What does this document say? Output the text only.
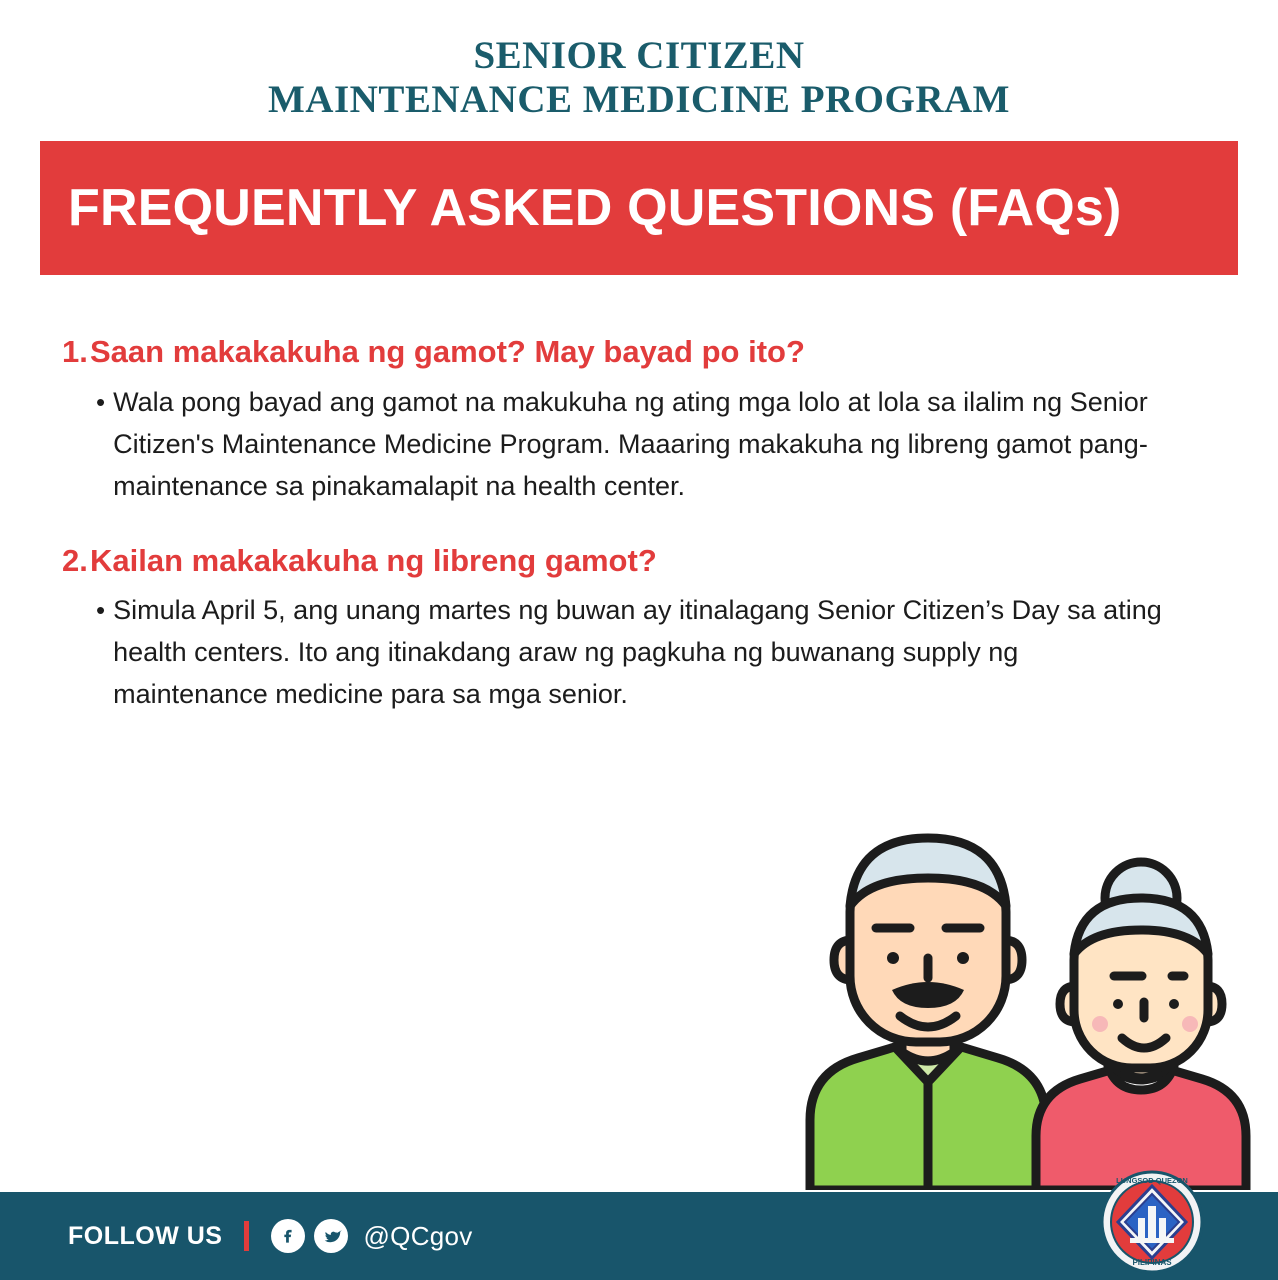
SENIOR CITIZEN
MAINTENANCE MEDICINE PROGRAM
FREQUENTLY ASKED QUESTIONS (FAQs)
1. Saan makakakuha ng gamot? May bayad po ito?
• Wala pong bayad ang gamot na makukuha ng ating mga lolo at lola sa ilalim ng Senior Citizen's Maintenance Medicine Program. Maaaring makakuha ng libreng gamot pang-maintenance sa pinakamalapit na health center.
2. Kailan makakakuha ng libreng gamot?
• Simula April 5, ang unang martes ng buwan ay itinalagang Senior Citizen’s Day sa ating health centers. Ito ang itinakdang araw ng pagkuha ng buwanang supply ng maintenance medicine para sa mga senior.
FOLLOW US	@QCgov
PILIPINAS
LUNGSOD QUEZON
